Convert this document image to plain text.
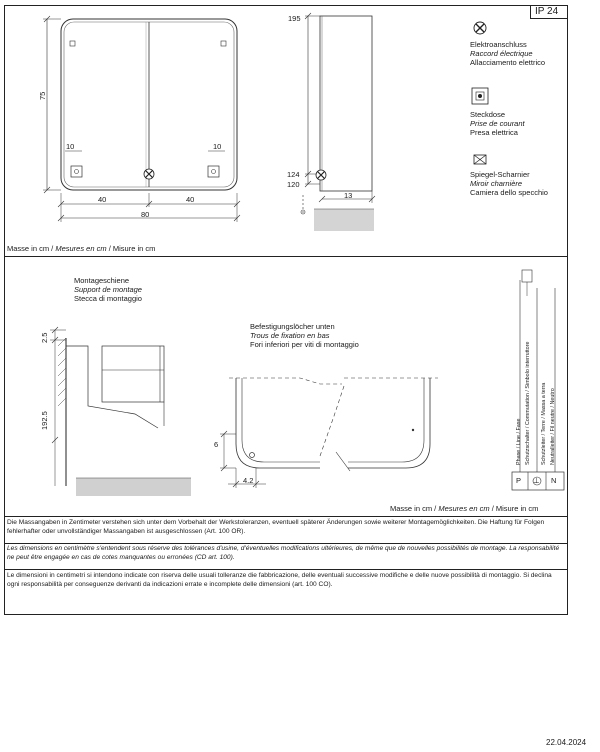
IP 24
75
10	10
40	40
80
195
124
120
13
Elektroanschluss
Raccord électrique
Allacciamento elettrico
Steckdose
Prise de courant
Presa elettrica
Spiegel-Scharnier
Miroir charnière
Camiera dello specchio
Masse in cm / Mesures en cm / Misure in cm
Montageschiene
Support de montage
Stecca di montaggio
2.5
192.5
Befestigungslöcher unten
Trous de fixation en bas
Fori inferiori per viti di montaggio
6
4.2
Phase / Line / Fase Schutzschalter / Commutation / Simbolo interruttore	Schutzleiter / Terre / Massa a terra Neutralleiter / Fil neutre / Neutro
P ⊥ N
Masse in cm / Mesures en cm / Misure in cm
Die Massangaben in Zentimeter verstehen sich unter dem Vorbehalt der Werkstoleranzen, eventuell späterer Änderungen sowie weiterer Montagemöglichkeiten. Die Haftung für Folgen fehlerhafter oder unvollständiger Massangaben ist ausgeschlossen (Art. 100 OR).
Les dimensions en centimètre s'entendent sous réserve des tolérances d'usine, d'éventuelles modifications ultérieures, de même que de nouvelles possibilités de montage. La responsabilité ne peut être engagée en cas de cotes manquantes ou erronées (CD art. 100).
Le dimensioni in centimetri si intendono indicate con riserva delle usuali tolleranze die fabbricazione, delle eventuali successive modifiche e delle nuove possibilità di montaggio. Si declina ogni responsabilità per conseguenze derivanti da indicazioni errate e incomplete delle dimensioni (art. 100 CO).
22.04.2024
